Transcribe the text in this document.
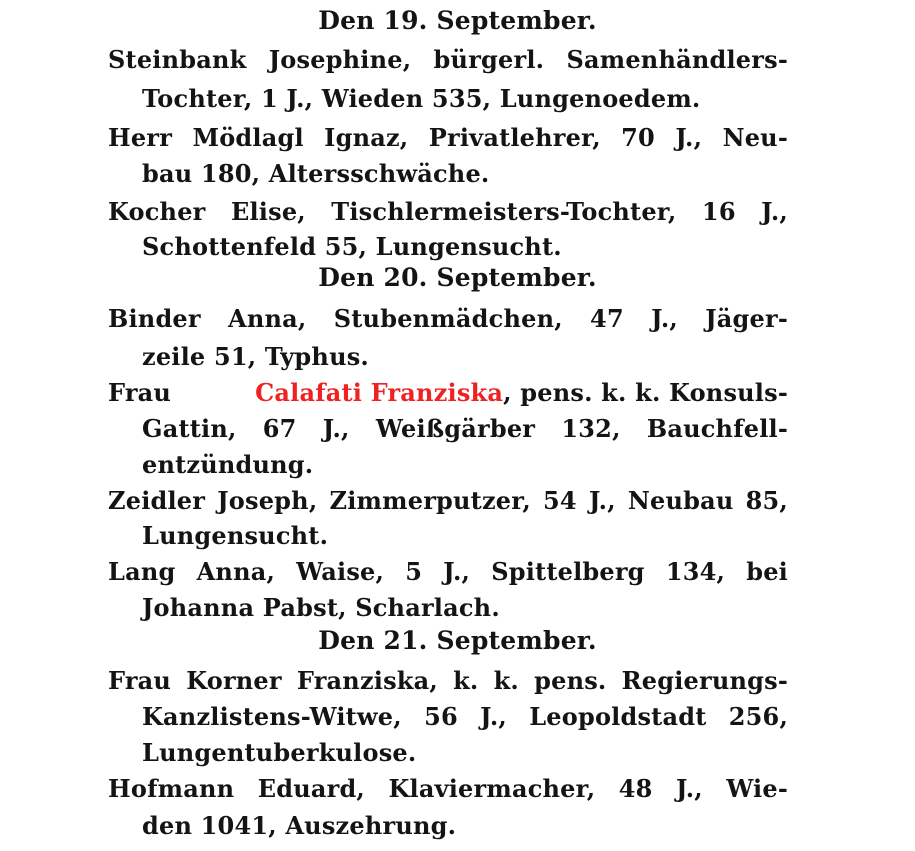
Den 19. September.
Steinbank Josephine, bürgerl. Samenhändlers-
Tochter, 1 J., Wieden 535, Lungenoedem.
Herr Mödlagl Ignaz, Privatlehrer, 70 J., Neu-
bau 180, Altersschwäche.
Kocher Elise, Tischlermeisters-Tochter, 16 J.,
Schottenfeld 55, Lungensucht.
Den 20. September.
Binder Anna, Stubenmädchen, 47 J., Jäger-
zeile 51, Typhus.
Frau	Calafati Franziska, pens. k. k. Konsuls-
Gattin, 67 J., Weißgärber 132, Bauchfell-
entzündung.
Zeidler Joseph, Zimmerputzer, 54 J., Neubau 85,
Lungensucht.
Lang Anna, Waise, 5 J., Spittelberg 134, bei
Johanna Pabst, Scharlach.
Den 21. September.
Frau Korner Franziska, k. k. pens. Regierungs-
Kanzlistens-Witwe, 56 J., Leopoldstadt 256,
Lungentuberkulose.
Hofmann Eduard, Klaviermacher, 48 J., Wie-
den 1041, Auszehrung.
